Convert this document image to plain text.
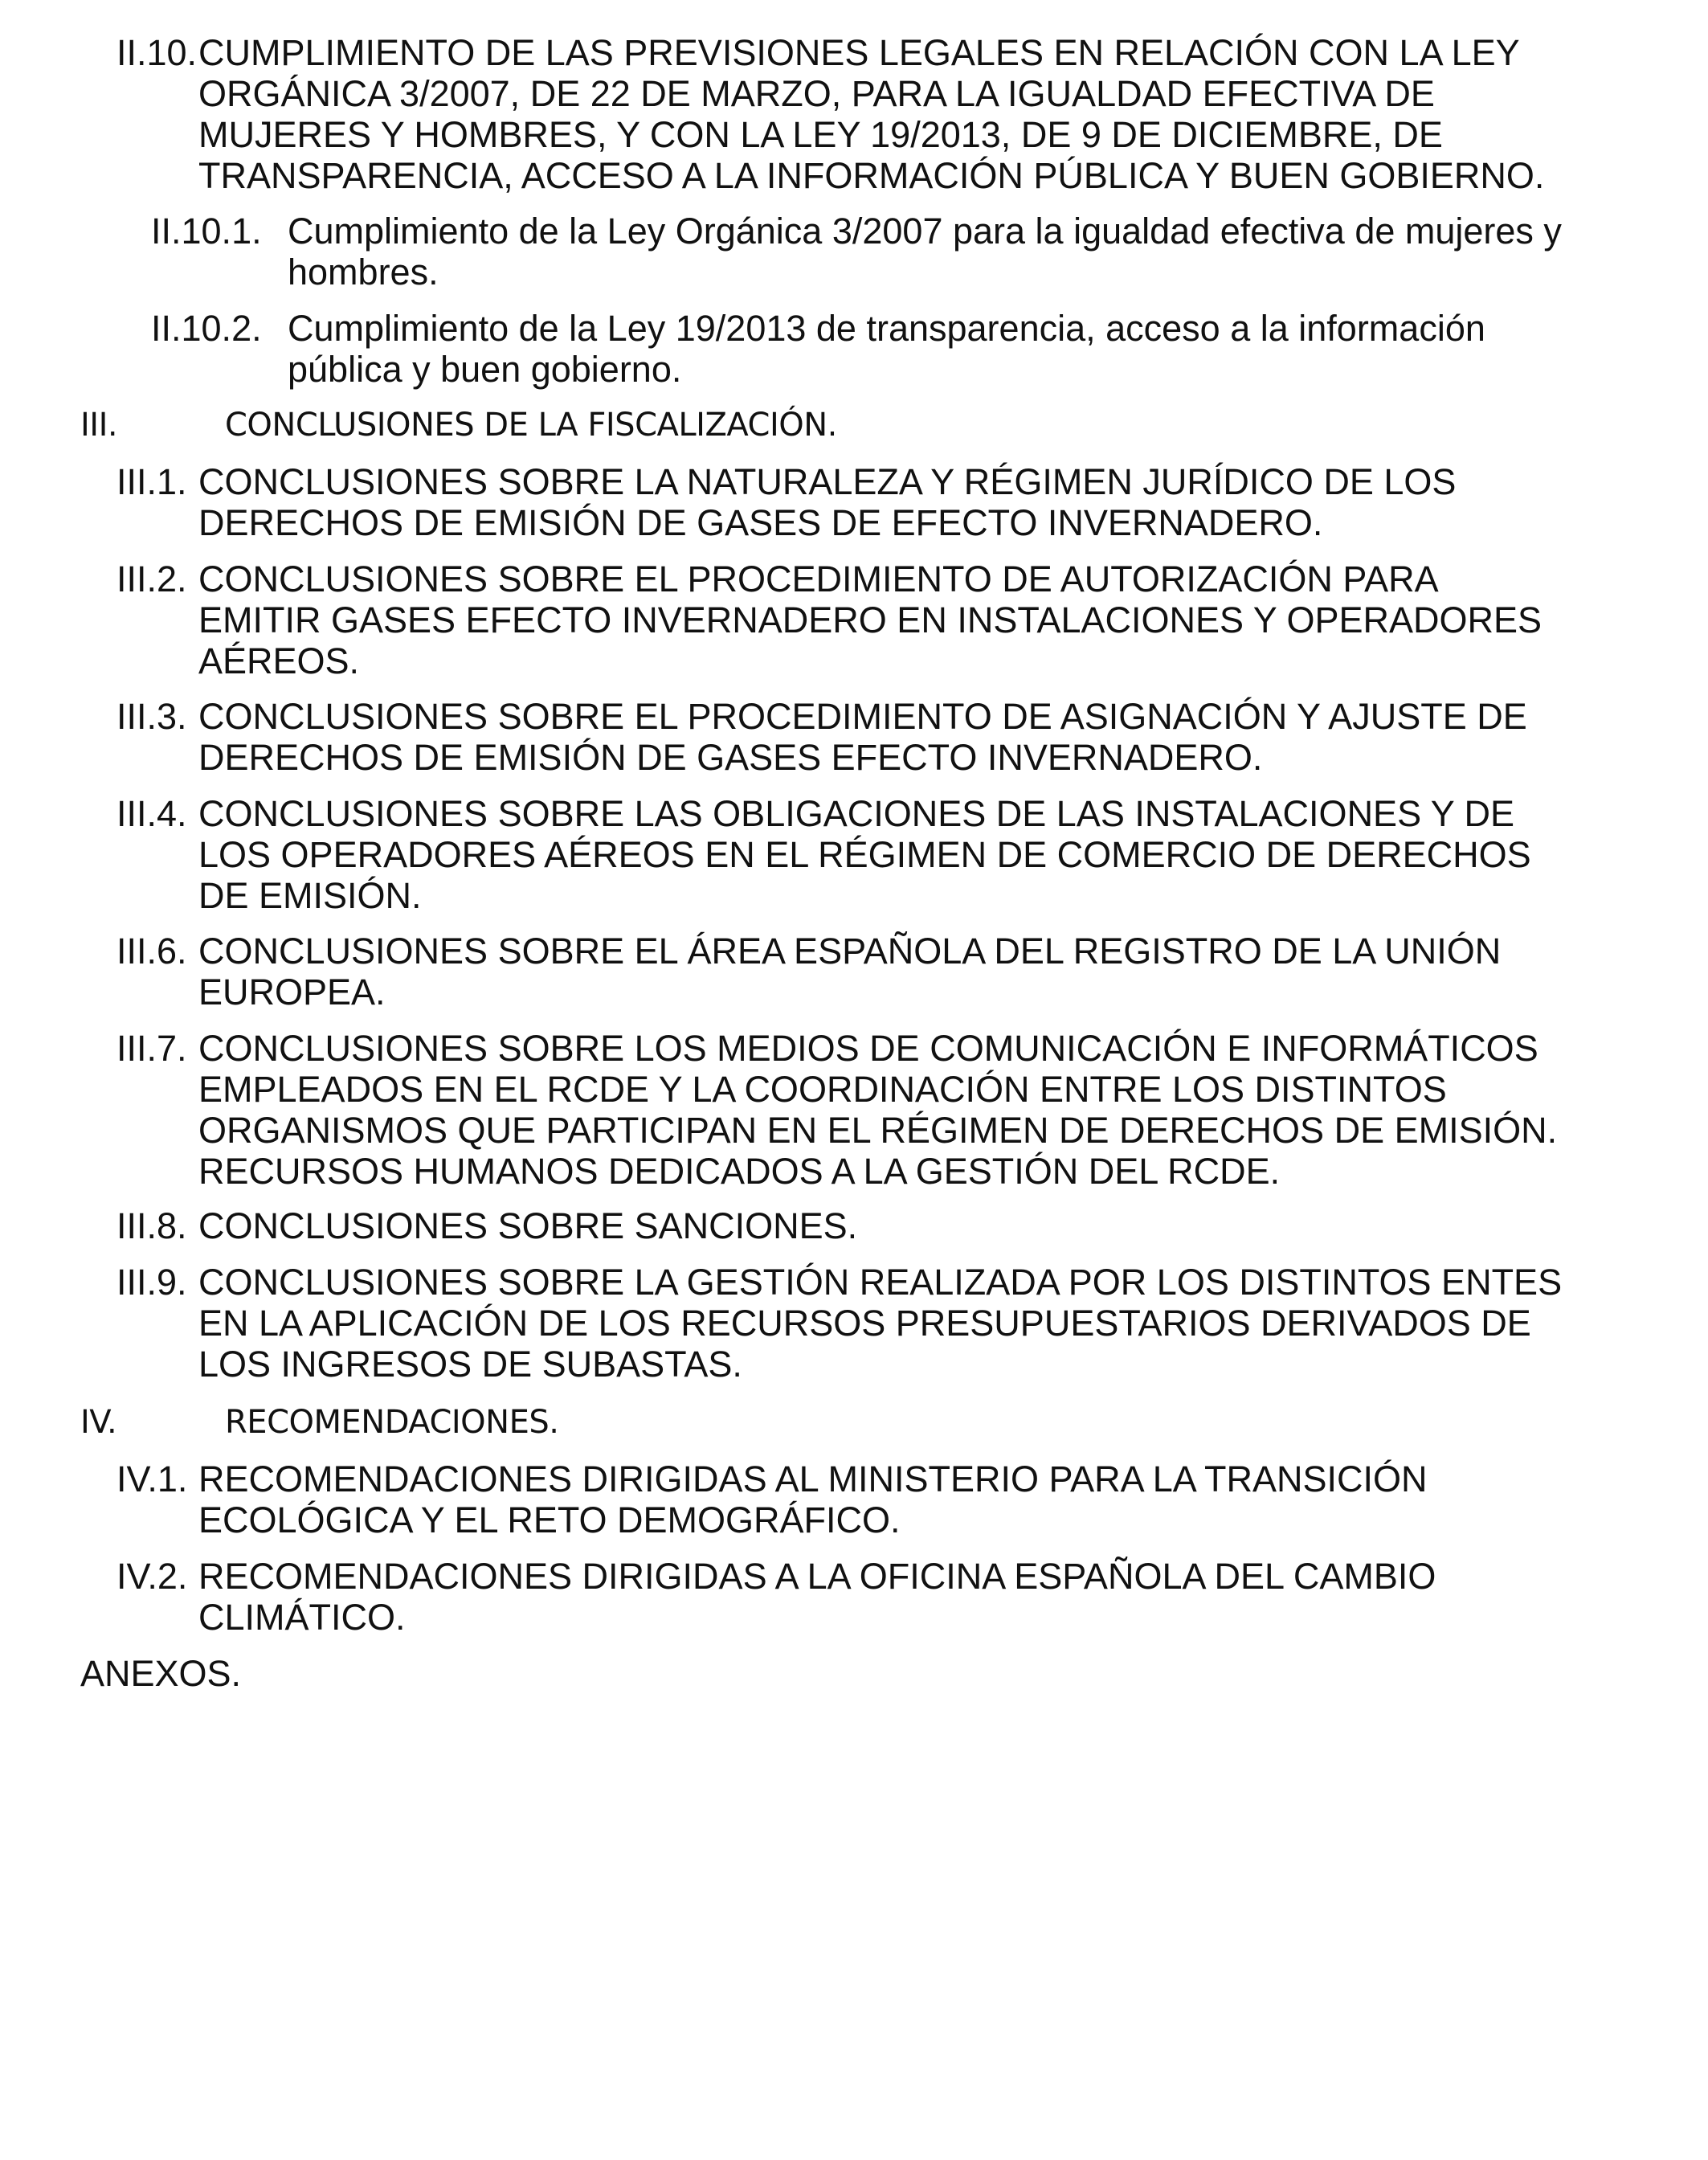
II.10. CUMPLIMIENTO DE LAS PREVISIONES LEGALES EN RELACIÓN CON LA LEY
ORGÁNICA 3/2007, DE 22 DE MARZO, PARA LA IGUALDAD EFECTIVA DE
MUJERES Y HOMBRES, Y CON LA LEY 19/2013, DE 9 DE DICIEMBRE, DE
TRANSPARENCIA, ACCESO A LA INFORMACIÓN PÚBLICA Y BUEN GOBIERNO.
II.10.1. Cumplimiento de la Ley Orgánica 3/2007 para la igualdad efectiva de mujeres y
hombres.
II.10.2. Cumplimiento de la Ley 19/2013 de transparencia, acceso a la información
pública y buen gobierno.
III.	CONCLUSIONES DE LA FISCALIZACIÓN.
III.1. CONCLUSIONES SOBRE LA NATURALEZA Y RÉGIMEN JURÍDICO DE LOS
DERECHOS DE EMISIÓN DE GASES DE EFECTO INVERNADERO.
III.2. CONCLUSIONES SOBRE EL PROCEDIMIENTO DE AUTORIZACIÓN PARA
EMITIR GASES EFECTO INVERNADERO EN INSTALACIONES Y OPERADORES
AÉREOS.
III.3. CONCLUSIONES SOBRE EL PROCEDIMIENTO DE ASIGNACIÓN Y AJUSTE DE
DERECHOS DE EMISIÓN DE GASES EFECTO INVERNADERO.
III.4. CONCLUSIONES SOBRE LAS OBLIGACIONES DE LAS INSTALACIONES Y DE
LOS OPERADORES AÉREOS EN EL RÉGIMEN DE COMERCIO DE DERECHOS
DE EMISIÓN.
III.6. CONCLUSIONES SOBRE EL ÁREA ESPAÑOLA DEL REGISTRO DE LA UNIÓN
EUROPEA.
III.7. CONCLUSIONES SOBRE LOS MEDIOS DE COMUNICACIÓN E INFORMÁTICOS
EMPLEADOS EN EL RCDE Y LA COORDINACIÓN ENTRE LOS DISTINTOS
ORGANISMOS QUE PARTICIPAN EN EL RÉGIMEN DE DERECHOS DE EMISIÓN.
RECURSOS HUMANOS DEDICADOS A LA GESTIÓN DEL RCDE.
III.8. CONCLUSIONES SOBRE SANCIONES.
III.9. CONCLUSIONES SOBRE LA GESTIÓN REALIZADA POR LOS DISTINTOS ENTES
EN LA APLICACIÓN DE LOS RECURSOS PRESUPUESTARIOS DERIVADOS DE
LOS INGRESOS DE SUBASTAS.
IV.	RECOMENDACIONES.
IV.1. RECOMENDACIONES DIRIGIDAS AL MINISTERIO PARA LA TRANSICIÓN
ECOLÓGICA Y EL RETO DEMOGRÁFICO.
IV.2. RECOMENDACIONES DIRIGIDAS A LA OFICINA ESPAÑOLA DEL CAMBIO
CLIMÁTICO.
ANEXOS.
